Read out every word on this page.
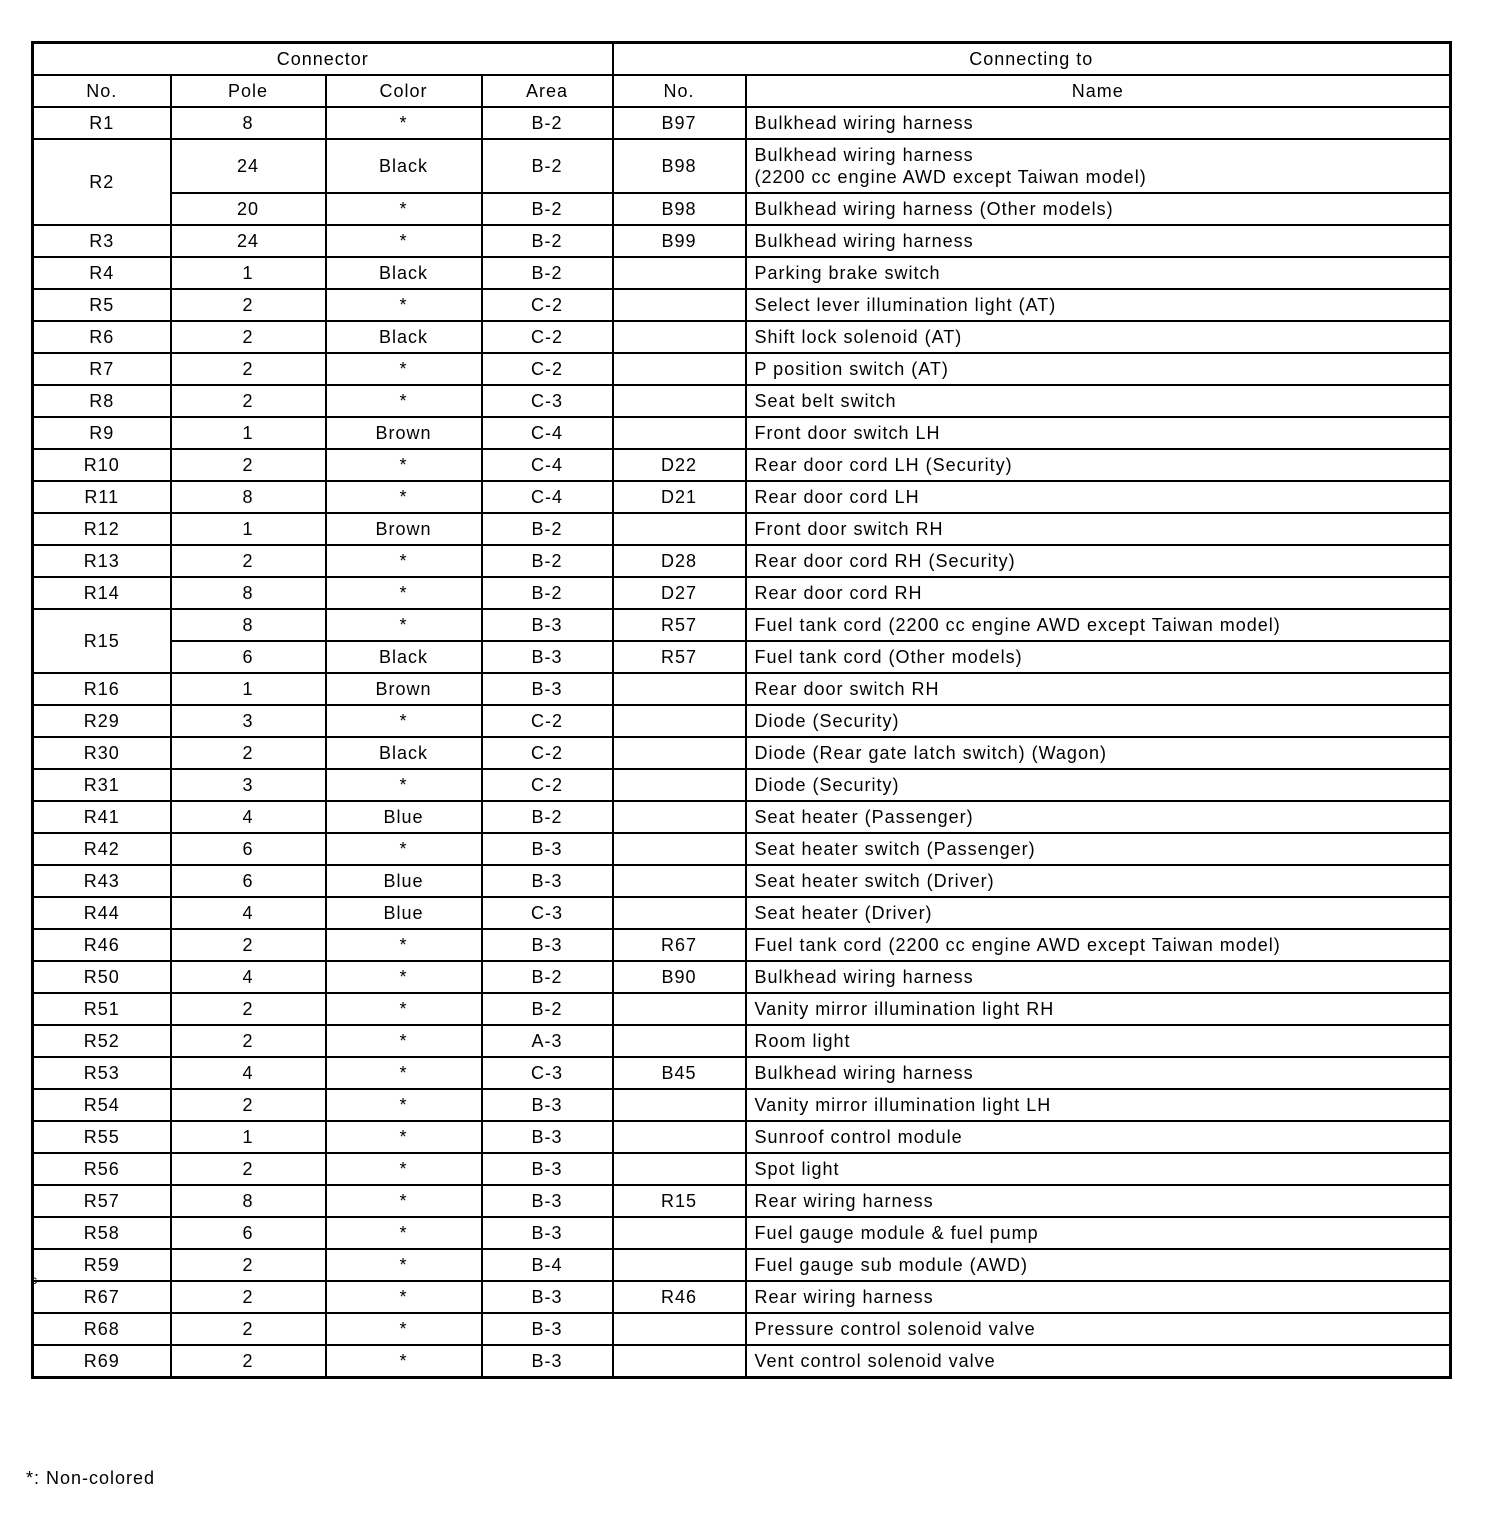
Connector				Connecting to	
No.	Pole	Color	Area	No.	Name
R1	8	*	B-2	B97	Bulkhead wiring harness
R2	24	Black	B-2	B98	Bulkhead wiring harness
(2200 cc engine AWD except Taiwan model)
	20	*	B-2	B98	Bulkhead wiring harness (Other models)
R3	24	*	B-2	B99	Bulkhead wiring harness
R4	1	Black	B-2		Parking brake switch
R5	2	*	C-2		Select lever illumination light (AT)
R6	2	Black	C-2		Shift lock solenoid (AT)
R7	2	*	C-2		P position switch (AT)
R8	2	*	C-3		Seat belt switch
R9	1	Brown	C-4		Front door switch LH
R10	2	*	C-4	D22	Rear door cord LH (Security)
R11	8	*	C-4	D21	Rear door cord LH
R12	1	Brown	B-2		Front door switch RH
R13	2	*	B-2	D28	Rear door cord RH (Security)
R14	8	*	B-2	D27	Rear door cord RH
R15	8	*	B-3	R57	Fuel tank cord (2200 cc engine AWD except Taiwan model)
	6	Black	B-3	R57	Fuel tank cord (Other models)
R16	1	Brown	B-3		Rear door switch RH
R29	3	*	C-2		Diode (Security)
R30	2	Black	C-2		Diode (Rear gate latch switch) (Wagon)
R31	3	*	C-2		Diode (Security)
R41	4	Blue	B-2		Seat heater (Passenger)
R42	6	*	B-3		Seat heater switch (Passenger)
R43	6	Blue	B-3		Seat heater switch (Driver)
R44	4	Blue	C-3		Seat heater (Driver)
R46	2	*	B-3	R67	Fuel tank cord (2200 cc engine AWD except Taiwan model)
R50	4	*	B-2	B90	Bulkhead wiring harness
R51	2	*	B-2		Vanity mirror illumination light RH
R52	2	*	A-3		Room light
R53	4	*	C-3	B45	Bulkhead wiring harness
R54	2	*	B-3		Vanity mirror illumination light LH
R55	1	*	B-3		Sunroof control module
R56	2	*	B-3		Spot light
R57	8	*	B-3	R15	Rear wiring harness
R58	6	*	B-3		Fuel gauge module & fuel pump
R59	2	*	B-4		Fuel gauge sub module (AWD)
R67	2	*	B-3	R46	Rear wiring harness
R68	2	*	B-3		Pressure control solenoid valve
R69	2	*	B-3		Vent control solenoid valve
c
*: Non-colored
